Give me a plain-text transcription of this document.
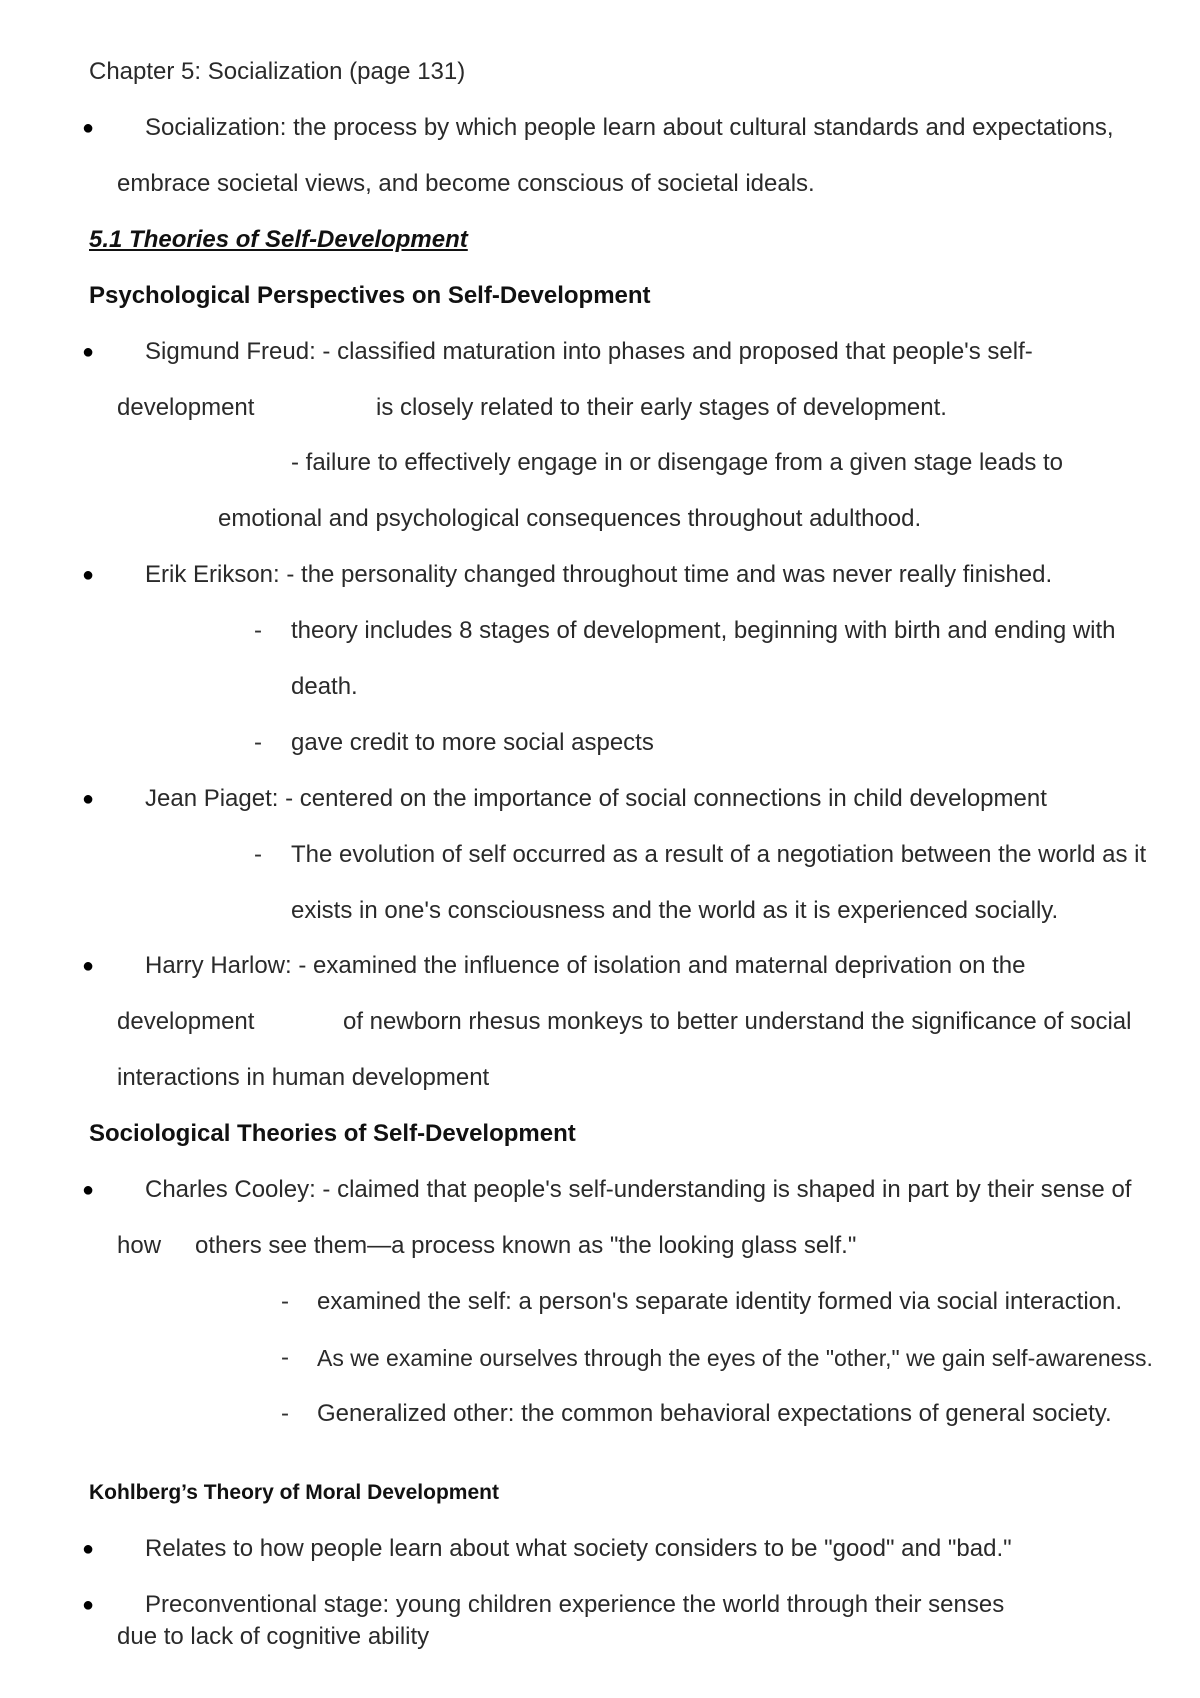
Chapter 5: Socialization (page 131)
● Socialization: the process by which people learn about cultural standards and expectations,
embrace societal views, and become conscious of societal ideals.
5.1 Theories of Self-Development
Psychological Perspectives on Self-Development
● Sigmund Freud: - classified maturation into phases and proposed that people's self-
development	is closely related to their early stages of development.
- failure to effectively engage in or disengage from a given stage leads to
emotional and psychological consequences throughout adulthood.
● Erik Erikson: - the personality changed throughout time and was never really finished.
- theory includes 8 stages of development, beginning with birth and ending with
death.
- gave credit to more social aspects
● Jean Piaget: - centered on the importance of social connections in child development
- The evolution of self occurred as a result of a negotiation between the world as it
exists in one's consciousness and the world as it is experienced socially.
● Harry Harlow: - examined the influence of isolation and maternal deprivation on the
development	of newborn rhesus monkeys to better understand the significance of social
interactions in human development
Sociological Theories of Self-Development
● Charles Cooley: - claimed that people's self-understanding is shaped in part by their sense of
how others see them—a process known as "the looking glass self."
- examined the self: a person's separate identity formed via social interaction.
- As we examine ourselves through the eyes of the "other," we gain self-awareness.
- Generalized other: the common behavioral expectations of general society.
Kohlberg’s Theory of Moral Development
● Relates to how people learn about what society considers to be "good" and "bad."
● Preconventional stage: young children experience the world through their senses
due to lack of cognitive ability
